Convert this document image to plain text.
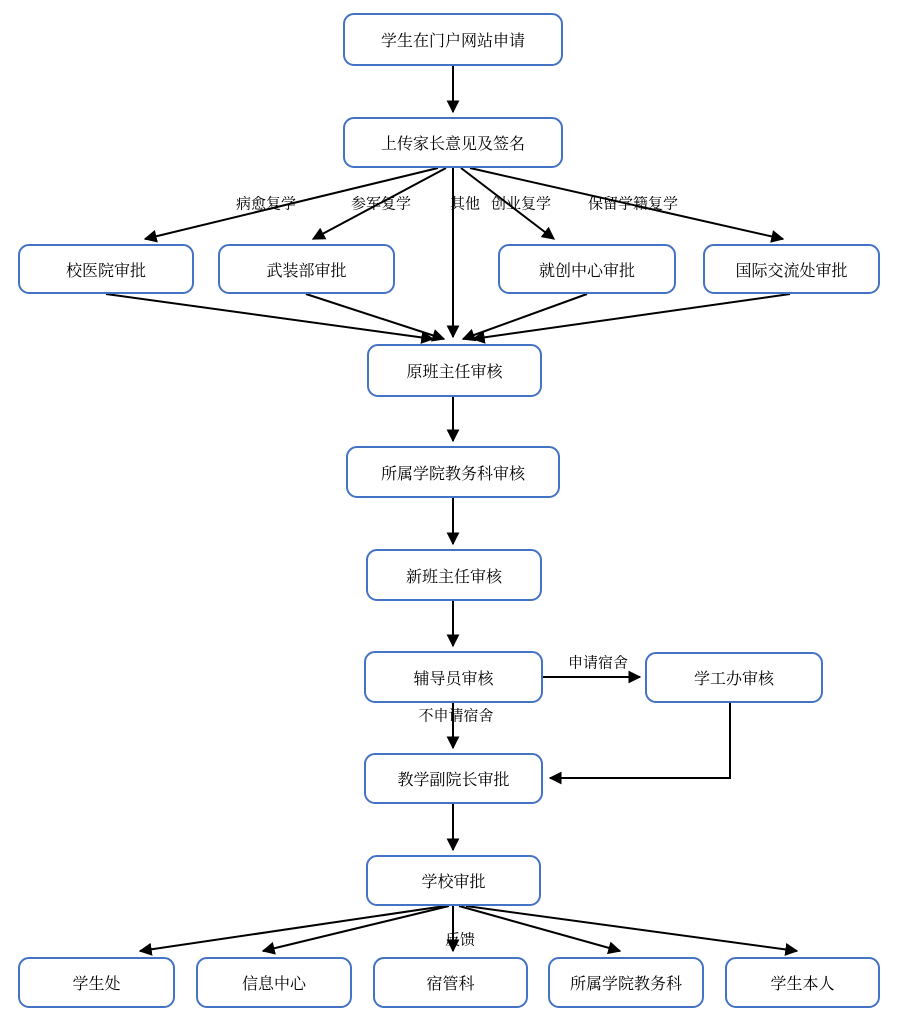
学生在门户网站申请
上传家长意见及签名
校医院审批	武装部审批	就创中心审批	国际交流处审批
原班主任审核
所属学院教务科审核
新班主任审核
辅导员审核	学工办审核
教学副院长审批
学校审批
学生处	信息中心	宿管科	所属学院教务科	学生本人
病愈复学	参军复学	其他 创业复学 保留学籍复学
申请宿舍
不申请宿舍
反馈
